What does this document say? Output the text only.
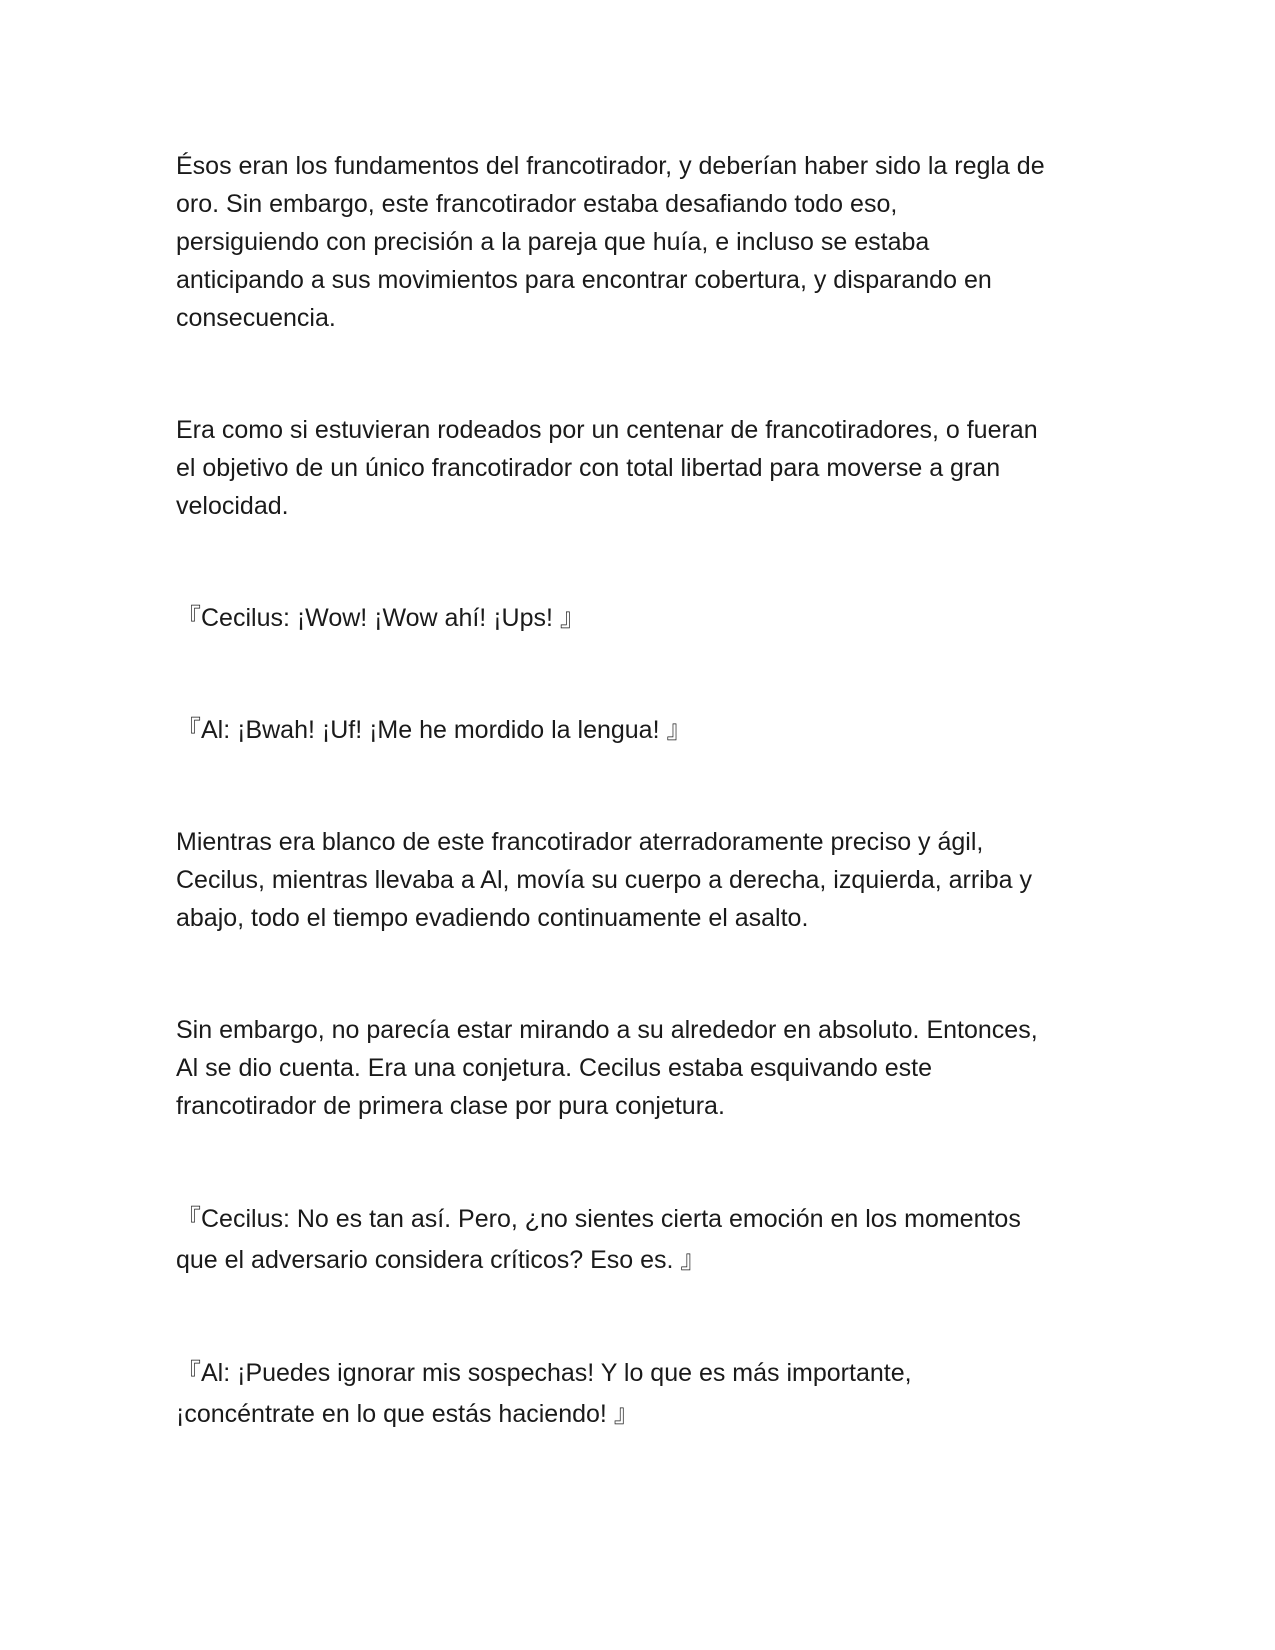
Ésos eran los fundamentos del francotirador, y deberían haber sido la regla de
oro. Sin embargo, este francotirador estaba desafiando todo eso,
persiguiendo con precisión a la pareja que huía, e incluso se estaba
anticipando a sus movimientos para encontrar cobertura, y disparando en
consecuencia.

Era como si estuvieran rodeados por un centenar de francotiradores, o fueran
el objetivo de un único francotirador con total libertad para moverse a gran
velocidad.

『Cecilus: ¡Wow! ¡Wow ahí! ¡Ups! 』

『Al: ¡Bwah! ¡Uf! ¡Me he mordido la lengua! 』

Mientras era blanco de este francotirador aterradoramente preciso y ágil,
Cecilus, mientras llevaba a Al, movía su cuerpo a derecha, izquierda, arriba y
abajo, todo el tiempo evadiendo continuamente el asalto.

Sin embargo, no parecía estar mirando a su alrededor en absoluto. Entonces,
Al se dio cuenta. Era una conjetura. Cecilus estaba esquivando este
francotirador de primera clase por pura conjetura.

『Cecilus: No es tan así. Pero, ¿no sientes cierta emoción en los momentos
que el adversario considera críticos? Eso es. 』

『Al: ¡Puedes ignorar mis sospechas! Y lo que es más importante,
¡concéntrate en lo que estás haciendo! 』
